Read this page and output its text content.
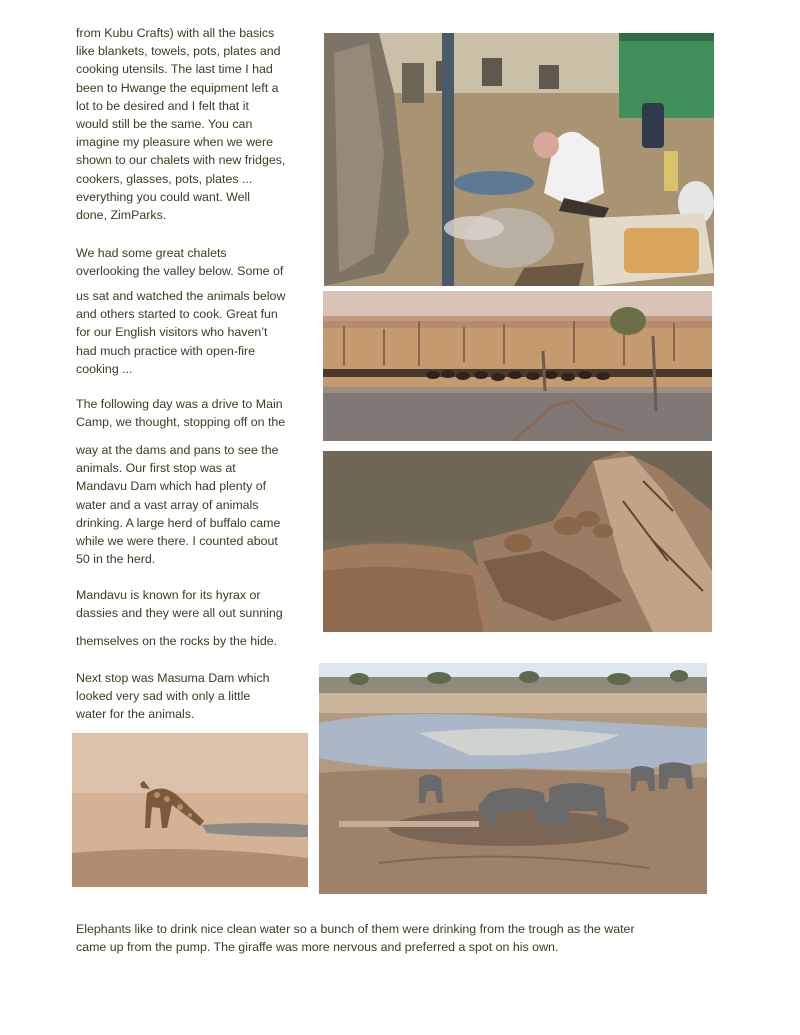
from Kubu Crafts) with all the basics
like blankets, towels, pots, plates and
cooking utensils. The last time I had
been to Hwange the equipment left a
lot to be desired and I felt that it
would still be the same. You can
imagine my pleasure when we were
shown to our chalets with new fridges,
cookers, glasses, pots, plates ...
everything you could want. Well
done, ZimParks.

We had some great chalets
overlooking the valley below. Some of

us sat and watched the animals below
and others started to cook. Great fun
for our English visitors who haven’t
had much practice with open-fire
cooking ...

The following day was a drive to Main
Camp, we thought, stopping off on the

way at the dams and pans to see the
animals. Our first stop was at
Mandavu Dam which had plenty of
water and a vast array of animals
drinking. A large herd of buffalo came
while we were there. I counted about
50 in the herd.

Mandavu is known for its hyrax or
dassies and they were all out sunning

themselves on the rocks by the hide.

Next stop was Masuma Dam which
looked very sad with only a little
water for the animals.

Elephants like to drink nice clean water so a bunch of them were drinking from the trough as the water
came up from the pump. The giraffe was more nervous and preferred a spot on his own.
